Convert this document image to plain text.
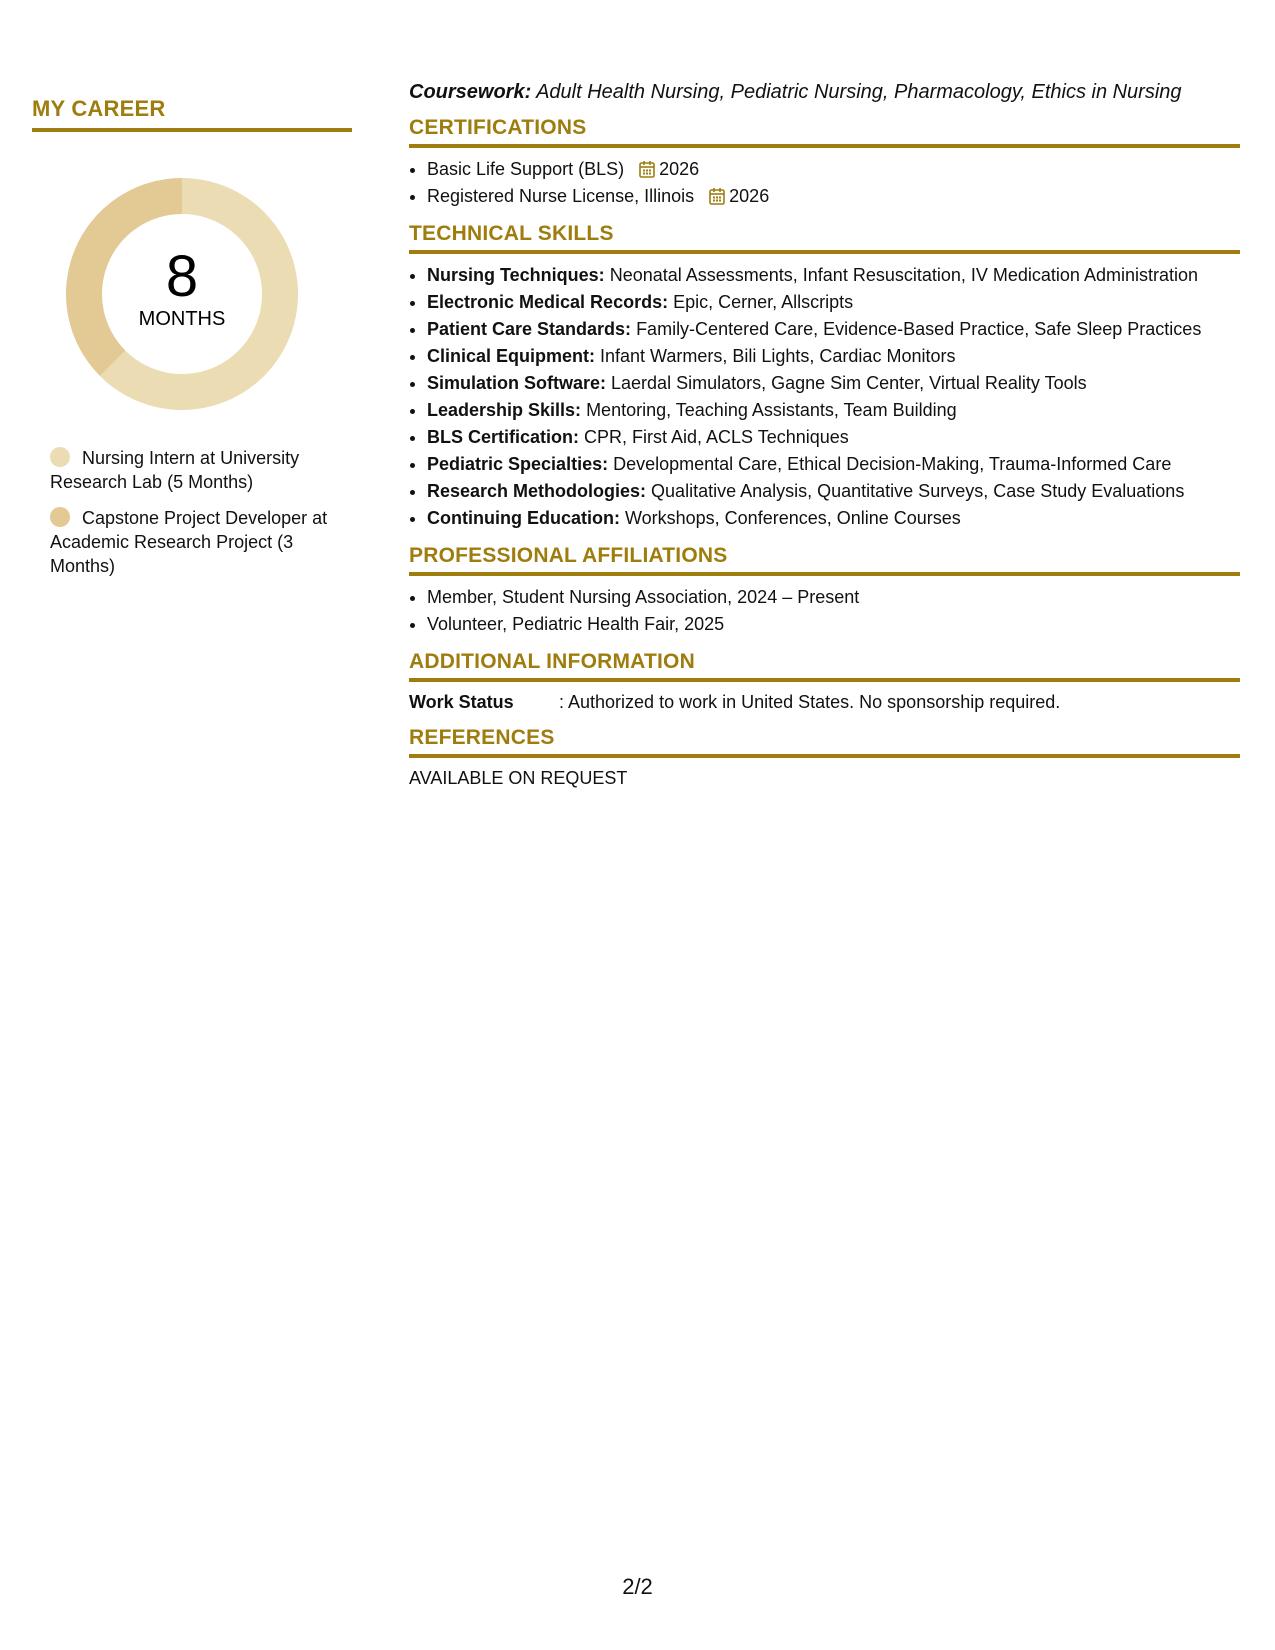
MY CAREER
8
MONTHS
Nursing Intern at University Research Lab (5 Months)
Capstone Project Developer at Academic Research Project (3 Months)

Coursework: Adult Health Nursing, Pediatric Nursing, Pharmacology, Ethics in Nursing

CERTIFICATIONS
• Basic Life Support (BLS) 2026
• Registered Nurse License, Illinois 2026
TECHNICAL SKILLS
• Nursing Techniques: Neonatal Assessments, Infant Resuscitation, IV Medication Administration
• Electronic Medical Records: Epic, Cerner, Allscripts
• Patient Care Standards: Family-Centered Care, Evidence-Based Practice, Safe Sleep Practices
• Clinical Equipment: Infant Warmers, Bili Lights, Cardiac Monitors
• Simulation Software: Laerdal Simulators, Gagne Sim Center, Virtual Reality Tools
• Leadership Skills: Mentoring, Teaching Assistants, Team Building
• BLS Certification: CPR, First Aid, ACLS Techniques
• Pediatric Specialties: Developmental Care, Ethical Decision-Making, Trauma-Informed Care
• Research Methodologies: Qualitative Analysis, Quantitative Surveys, Case Study Evaluations
• Continuing Education: Workshops, Conferences, Online Courses
PROFESSIONAL AFFILIATIONS
• Member, Student Nursing Association, 2024 – Present
• Volunteer, Pediatric Health Fair, 2025
ADDITIONAL INFORMATION
Work Status	: Authorized to work in United States. No sponsorship required.
REFERENCES
AVAILABLE ON REQUEST
2/2
